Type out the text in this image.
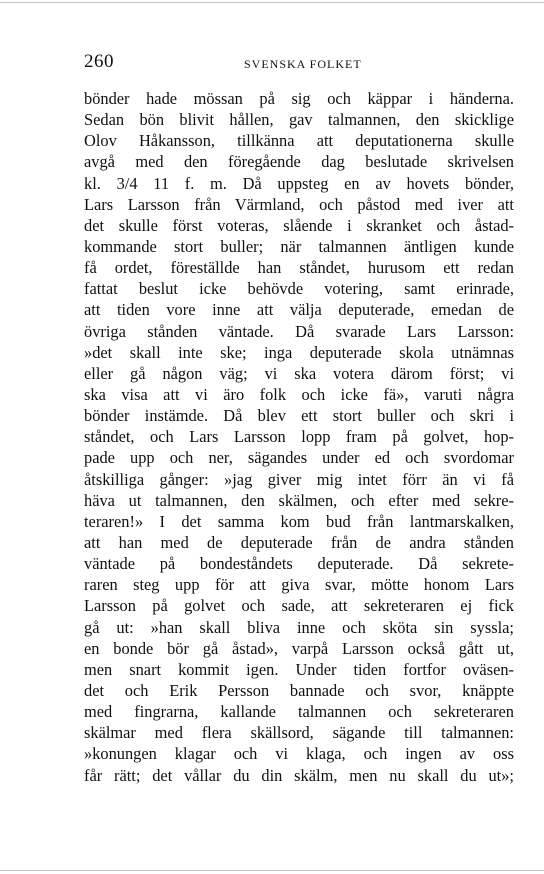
260	SVENSKA FOLKET
bönder hade mössan på sig och käppar i händerna.
Sedan bön blivit hållen, gav talmannen, den skicklige
Olov Håkansson, tillkänna att deputationerna skulle
avgå med den föregående dag beslutade skrivelsen
kl. 3/4 11 f. m. Då uppsteg en av hovets bönder,
Lars Larsson från Värmland, och påstod med iver att
det skulle först voteras, slående i skranket och åstad-
kommande stort buller; när talmannen äntligen kunde
få ordet, föreställde han ståndet, hurusom ett redan
fattat beslut icke behövde votering, samt erinrade,
att tiden vore inne att välja deputerade, emedan de
övriga stånden väntade. Då svarade Lars Larsson:
»det skall inte ske; inga deputerade skola utnämnas
eller gå någon väg; vi ska votera därom först; vi
ska visa att vi äro folk och icke fä», varuti några
bönder instämde. Då blev ett stort buller och skri i
ståndet, och Lars Larsson lopp fram på golvet, hop-
pade upp och ner, sägandes under ed och svordomar
åtskilliga gånger: »jag giver mig intet förr än vi få
häva ut talmannen, den skälmen, och efter med sekre-
teraren!» I det samma kom bud från lantmarskalken,
att han med de deputerade från de andra stånden
väntade på bondeståndets deputerade. Då sekrete-
raren steg upp för att giva svar, mötte honom Lars
Larsson på golvet och sade, att sekreteraren ej fick
gå ut: »han skall bliva inne och sköta sin syssla;
en bonde bör gå åstad», varpå Larsson också gått ut,
men snart kommit igen. Under tiden fortfor oväsen-
det och Erik Persson bannade och svor, knäppte
med fingrarna, kallande talmannen och sekreteraren
skälmar med flera skällsord, sägande till talmannen:
»konungen klagar och vi klaga, och ingen av oss
får rätt; det vållar du din skälm, men nu skall du ut»;
